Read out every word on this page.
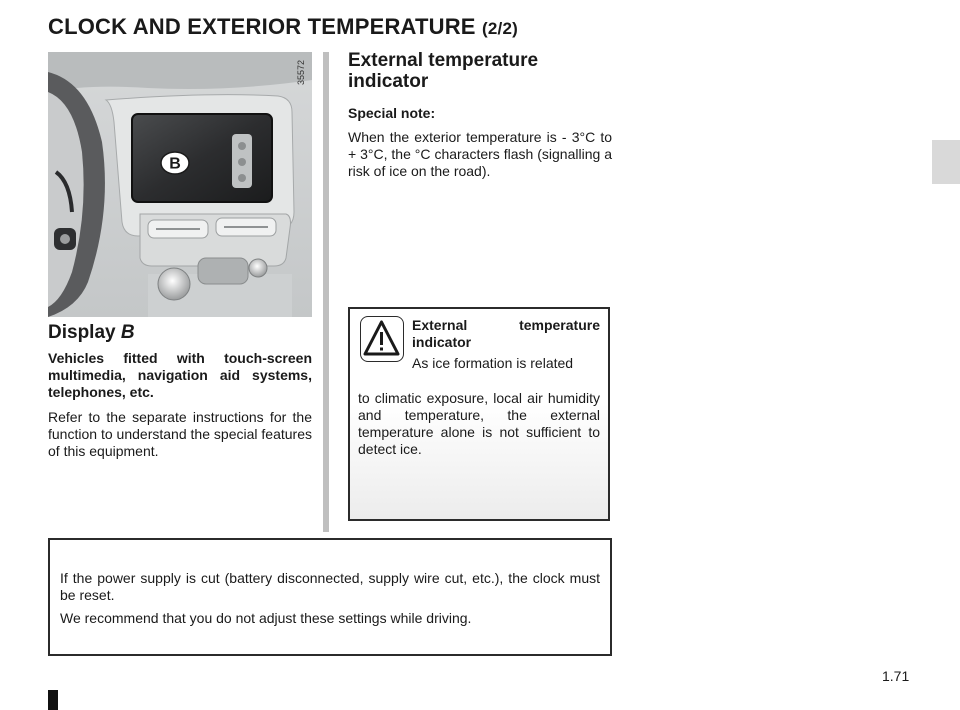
CLOCK AND EXTERIOR TEMPERATURE (2/2)
35572
B
Display B
Vehicles fitted with touch-screen multimedia, navigation aid systems, telephones, etc.
Refer to the separate instructions for the function to understand the special features of this equipment.
External temperature indicator
Special note:
When the exterior temperature is - 3°C to + 3°C, the °C characters flash (signalling a risk of ice on the road).
External temperature indicator
As ice formation is related
to climatic exposure, local air humidity and temperature, the external temperature alone is not sufficient to detect ice.
If the power supply is cut (battery disconnected, supply wire cut, etc.), the clock must be reset.
We recommend that you do not adjust these settings while driving.
1.71
